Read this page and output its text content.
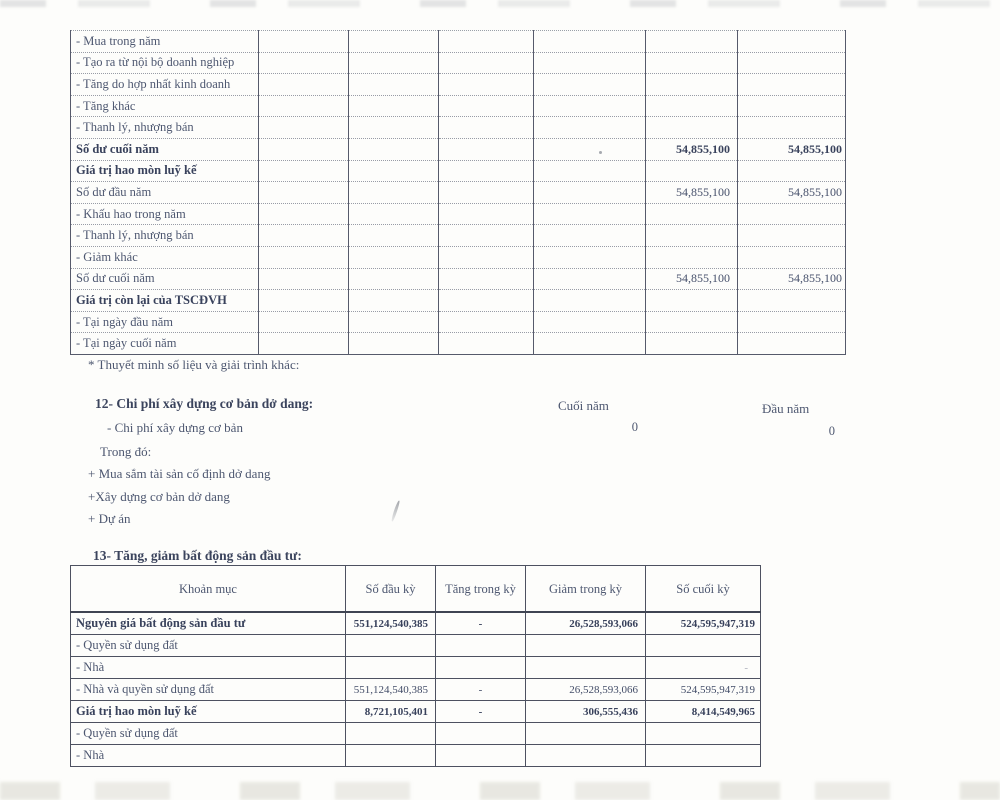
- Mua trong năm						
- Tạo ra từ nội bộ doanh nghiệp						
- Tăng do hợp nhất kinh doanh						
- Tăng khác						
- Thanh lý, nhượng bán						
Số dư cuối năm					54,855,100	54,855,100
Giá trị hao mòn luỹ kế						
Số dư đầu năm					54,855,100	54,855,100
- Khấu hao trong năm						
- Thanh lý, nhượng bán						
- Giảm khác						
Số dư cuối năm					54,855,100	54,855,100
Giá trị còn lại của TSCĐVH						
- Tại ngày đầu năm						
- Tại ngày cuối năm						
* Thuyết minh số liệu và giải trình khác:
12- Chi phí xây dựng cơ bản dở dang:	Cuối năm	Đầu năm
- Chi phí xây dựng cơ bản	0	0
Trong đó:
+ Mua sắm tài sản cố định dở dang
+Xây dựng cơ bản dở dang
+ Dự án
13- Tăng, giảm bất động sản đầu tư:
Khoản mục	Số đầu kỳ	Tăng trong kỳ	Giảm trong kỳ	Số cuối kỳ
Nguyên giá bất động sản đầu tư	551,124,540,385	-	26,528,593,066	524,595,947,319
- Quyền sử dụng đất				
- Nhà				-
- Nhà và quyền sử dụng đất	551,124,540,385	-	26,528,593,066	524,595,947,319
Giá trị hao mòn luỹ kế	8,721,105,401	-	306,555,436	8,414,549,965
- Quyền sử dụng đất				
- Nhà				
